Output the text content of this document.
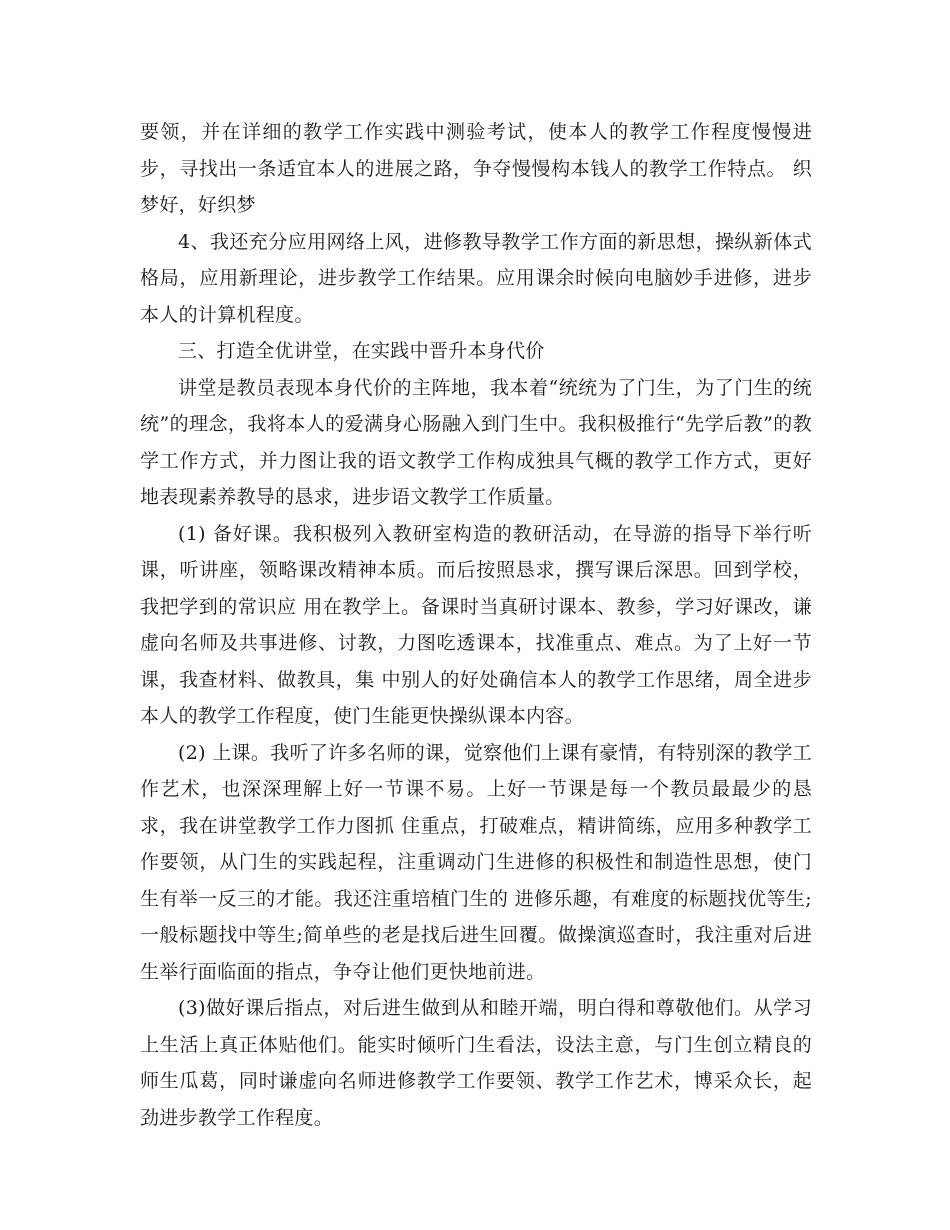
要领，并在详细的教学工作实践中测验考试，使本人的教学工作程度慢慢进步，寻找出一条适宜本人的进展之路，争夺慢慢构本钱人的教学工作特点。 织梦好，好织梦

4、我还充分应用网络上风，进修教导教学工作方面的新思想，操纵新体式格局，应用新理论，进步教学工作结果。应用课余时候向电脑妙手进修，进步本人的计算机程度。

三、打造全优讲堂，在实践中晋升本身代价

讲堂是教员表现本身代价的主阵地，我本着“统统为了门生，为了门生的统统”的理念，我将本人的爱满身心肠融入到门生中。我积极推行“先学后教”的教学工作方式，并力图让我的语文教学工作构成独具气概的教学工作方式，更好地表现素养教导的恳求，进步语文教学工作质量。

(1) 备好课。我积极列入教研室构造的教研活动，在导游的指导下举行听课，听讲座，领略课改精神本质。而后按照恳求，撰写课后深思。回到学校，我把学到的常识应 用在教学上。备课时当真研讨课本、教参，学习好课改，谦虚向名师及共事进修、讨教，力图吃透课本，找准重点、难点。为了上好一节课，我查材料、做教具，集 中别人的好处确信本人的教学工作思绪，周全进步本人的教学工作程度，使门生能更快操纵课本内容。

(2) 上课。我听了许多名师的课，觉察他们上课有豪情，有特别深的教学工作艺术，也深深理解上好一节课不易。上好一节课是每一个教员最最少的恳求，我在讲堂教学工作力图抓 住重点，打破难点，精讲简练，应用多种教学工作要领，从门生的实践起程，注重调动门生进修的积极性和制造性思想，使门生有举一反三的才能。我还注重培植门生的 进修乐趣，有难度的标题找优等生;一般标题找中等生;简单些的老是找后进生回覆。做操演巡查时，我注重对后进生举行面临面的指点，争夺让他们更快地前进。

(3)做好课后指点，对后进生做到从和睦开端，明白得和尊敬他们。从学习上生活上真正体贴他们。能实时倾听门生看法，设法主意，与门生创立精良的师生瓜葛，同时谦虚向名师进修教学工作要领、教学工作艺术，博采众长，起劲进步教学工作程度。
